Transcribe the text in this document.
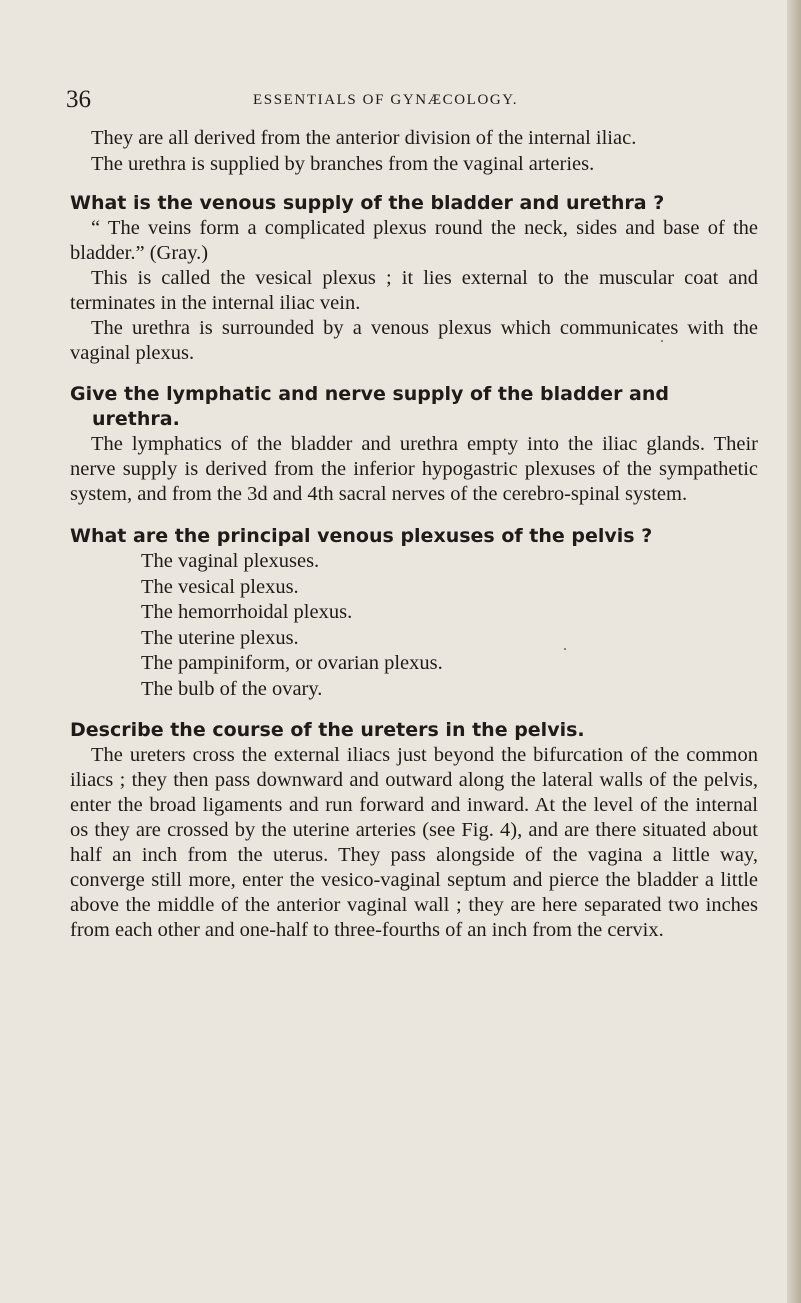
36	ESSENTIALS OF GYNÆCOLOGY.

They are all derived from the anterior division of the internal iliac.

The urethra is supplied by branches from the vaginal arteries.

What is the venous supply of the bladder and urethra ?

“ The veins form a complicated plexus round the neck, sides and base of the bladder.” (Gray.)

This is called the vesical plexus ; it lies external to the muscular coat and terminates in the internal iliac vein.

The urethra is surrounded by a venous plexus which communicates with the vaginal plexus.

Give the lymphatic and nerve supply of the bladder and
urethra.

The lymphatics of the bladder and urethra empty into the iliac glands. Their nerve supply is derived from the inferior hypogastric plexuses of the sympathetic system, and from the 3d and 4th sacral nerves of the cerebro-spinal system.

What are the principal venous plexuses of the pelvis ?
The vaginal plexuses.
The vesical plexus.
The hemorrhoidal plexus.
The uterine plexus.
The pampiniform, or ovarian plexus.
The bulb of the ovary.
Describe the course of the ureters in the pelvis.

The ureters cross the external iliacs just beyond the bifurcation of the common iliacs ; they then pass downward and outward along the lateral walls of the pelvis, enter the broad ligaments and run forward and inward. At the level of the internal os they are crossed by the uterine arteries (see Fig. 4), and are there situated about half an inch from the uterus. They pass alongside of the vagina a little way, converge still more, enter the vesico-vaginal septum and pierce the bladder a little above the middle of the anterior vaginal wall ; they are here separated two inches from each other and one-half to three-fourths of an inch from the cervix.
